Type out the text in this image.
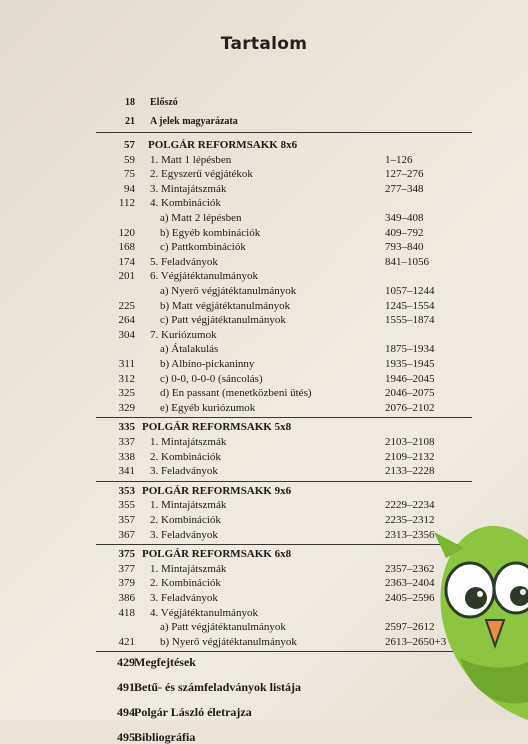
Tartalom
18 Előszó
21 A jelek magyarázata
57 POLGÁR REFORMSAKK 8x6
59 1. Matt 1 lépésben	1–126
75 2. Egyszerű végjátékok	127–276
94 3. Mintajátszmák	277–348
112 4. Kombinációk
a) Matt 2 lépésben	349–408
120 b) Egyéb kombinációk	409–792
168 c) Pattkombinációk	793–840
174 5. Feladványok	841–1056
201 6. Végjátéktanulmányok
a) Nyerő végjátéktanulmányok	1057–1244
225 b) Matt végjátéktanulmányok	1245–1554
264 c) Patt végjátéktanulmányok	1555–1874
304 7. Kuriózumok
a) Átalakulás	1875–1934
311 b) Albíno-pickaninny	1935–1945
312 c) 0-0, 0-0-0 (sáncolás)	1946–2045
325 d) En passant (menetközbeni ütés)	2046–2075
329 e) Egyéb kuriózumok	2076–2102
335 POLGÁR REFORMSAKK 5x8
337 1. Mintajátszmák	2103–2108
338 2. Kombinációk	2109–2132
341 3. Feladványok	2133–2228
353 POLGÁR REFORMSAKK 9x6
355 1. Mintajátszmák	2229–2234
357 2. Kombinációk	2235–2312
367 3. Feladványok	2313–2356
375 POLGÁR REFORMSAKK 6x8
377 1. Mintajátszmák	2357–2362
379 2. Kombinációk	2363–2404
386 3. Feladványok	2405–2596
418 4. Végjátéktanulmányok
a) Patt végjátéktanulmányok	2597–2612
421 b) Nyerő végjátéktanulmányok	2613–2650+3
429 Megfejtések
491 Betű- és számfeladványok listája
494 Polgár László életrajza
495 Bibliográfia
